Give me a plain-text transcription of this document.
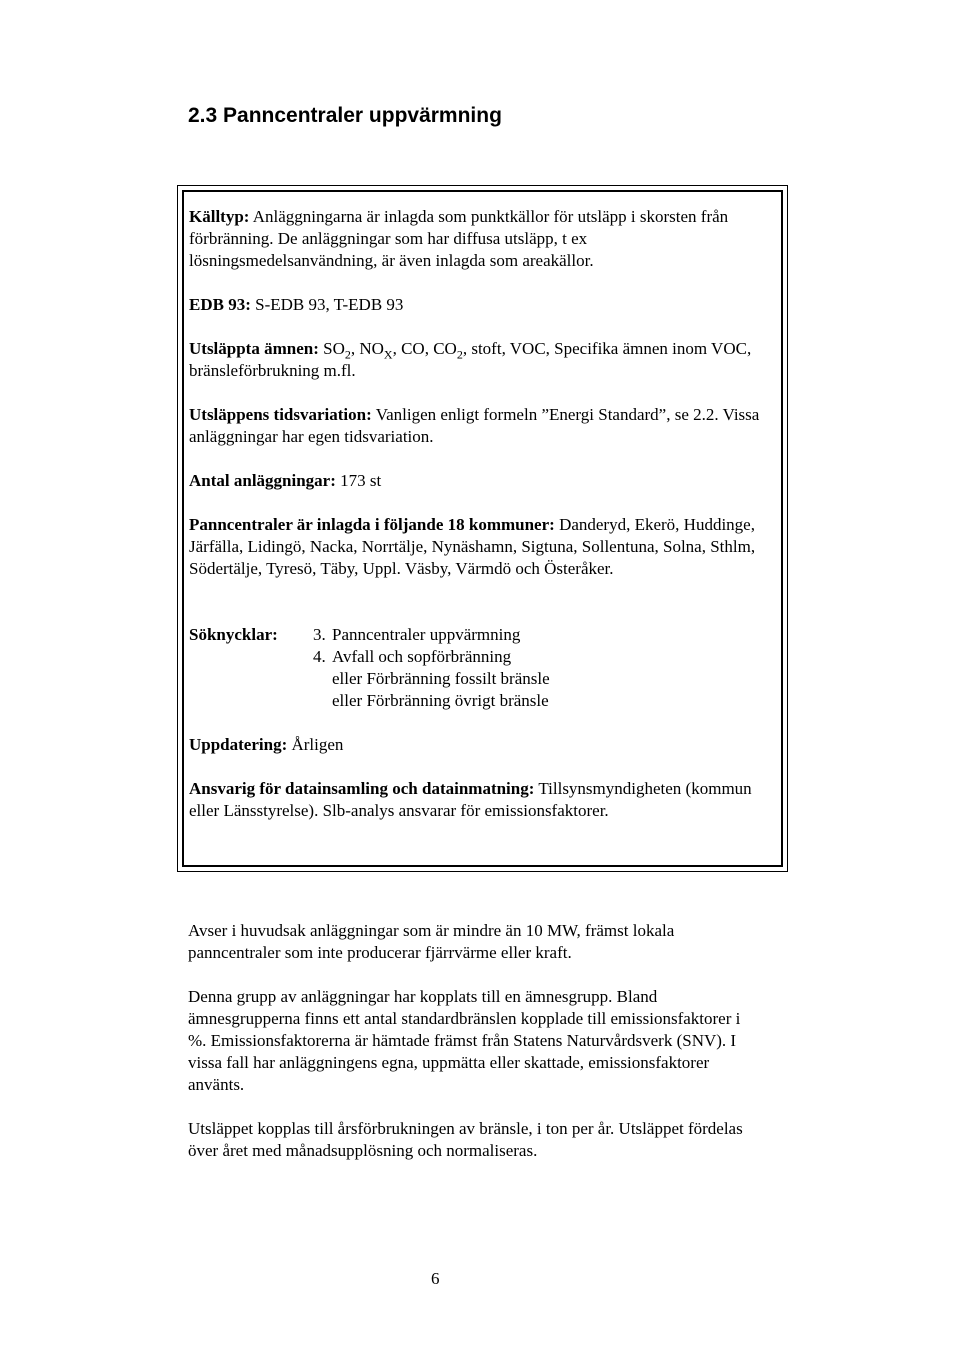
2.3 Panncentraler uppvärmning

Källtyp: Anläggningarna är inlagda som punktkällor för utsläpp i skorsten från förbränning. De anläggningar som har diffusa utsläpp, t ex lösningsmedelsanvändning, är även inlagda som areakällor.

EDB 93: S-EDB 93, T-EDB 93

Utsläppta ämnen: $SO_2$, $NO_X$, CO, $CO_2$, stoft, VOC, Specifika ämnen inom VOC, bränsleförbrukning m.fl.

Utsläppens tidsvariation: Vanligen enligt formeln ”Energi Standard”, se 2.2. Vissa anläggningar har egen tidsvariation.

Antal anläggningar: 173 st

Panncentraler är inlagda i följande 18 kommuner: Danderyd, Ekerö, Huddinge, Järfälla, Lidingö, Nacka, Norrtälje, Nynäshamn, Sigtuna, Sollentuna, Solna, Sthlm, Södertälje, Tyresö, Täby, Uppl. Väsby, Värmdö och Österåker.

Söknycklar:	3. Panncentraler uppvärmning
4. Avfall och sopförbränning
eller Förbränning fossilt bränsle
eller Förbränning övrigt bränsle

Uppdatering: Årligen

Ansvarig för datainsamling och datainmatning: Tillsynsmyndigheten (kommun eller Länsstyrelse). Slb-analys ansvarar för emissionsfaktorer.

Avser i huvudsak anläggningar som är mindre än 10 MW, främst lokala panncentraler som inte producerar fjärrvärme eller kraft.

Denna grupp av anläggningar har kopplats till en ämnesgrupp. Bland ämnesgrupperna finns ett antal standardbränslen kopplade till emissionsfaktorer i %. Emissionsfaktorerna är hämtade främst från Statens Naturvårdsverk (SNV). I vissa fall har anläggningens egna, uppmätta eller skattade, emissionsfaktorer använts.

Utsläppet kopplas till årsförbrukningen av bränsle, i ton per år. Utsläppet fördelas över året med månadsupplösning och normaliseras.

6
